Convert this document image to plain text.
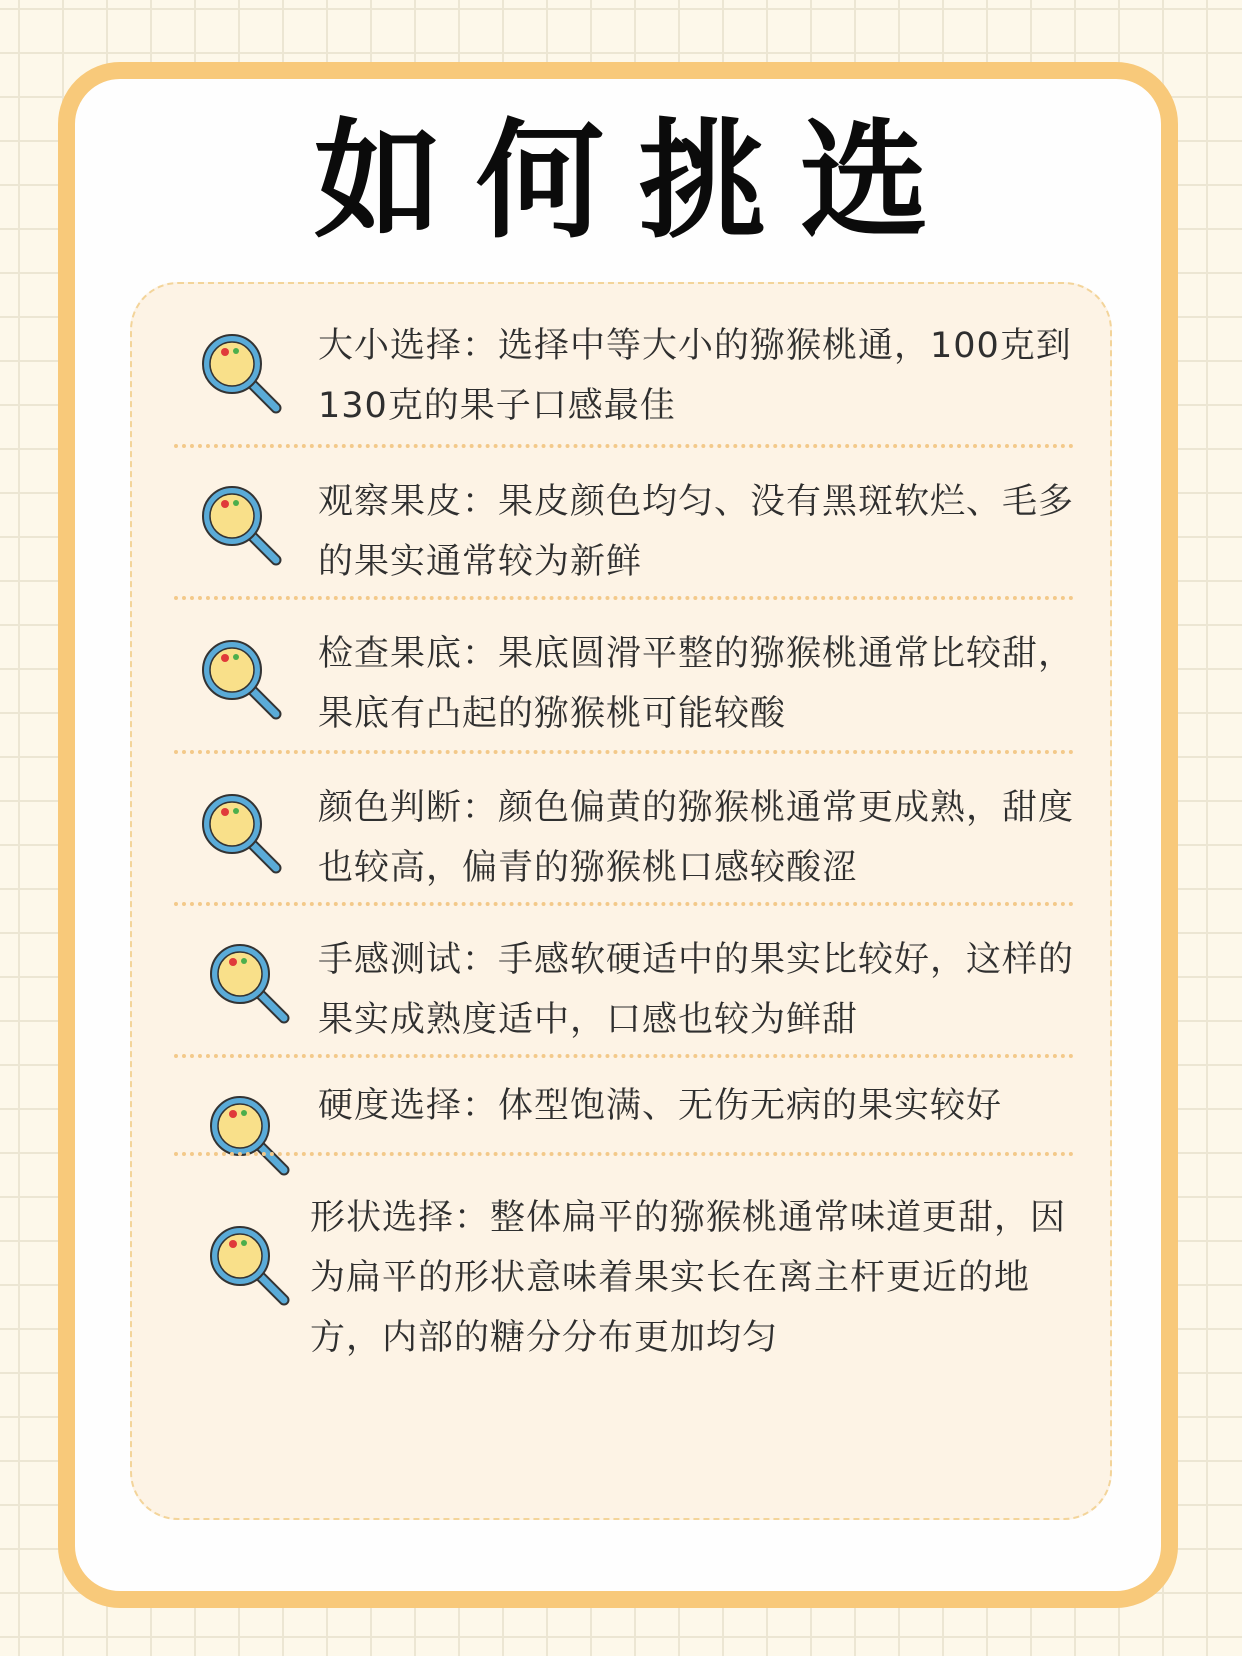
如何挑选
大小选择：选择中等大小的猕猴桃通，100克到130克的果子口感最佳
观察果皮：果皮颜色均匀、没有黑斑软烂、毛多的果实通常较为新鲜
检查果底：果底圆滑平整的猕猴桃通常比较甜，果底有凸起的猕猴桃可能较酸
颜色判断：颜色偏黄的猕猴桃通常更成熟，甜度也较高，偏青的猕猴桃口感较酸涩
手感测试：手感软硬适中的果实比较好，这样的果实成熟度适中，口感也较为鲜甜
硬度选择：体型饱满、无伤无病的果实较好
形状选择：整体扁平的猕猴桃通常味道更甜，因为扁平的形状意味着果实长在离主杆更近的地方，内部的糖分分布更加均匀
